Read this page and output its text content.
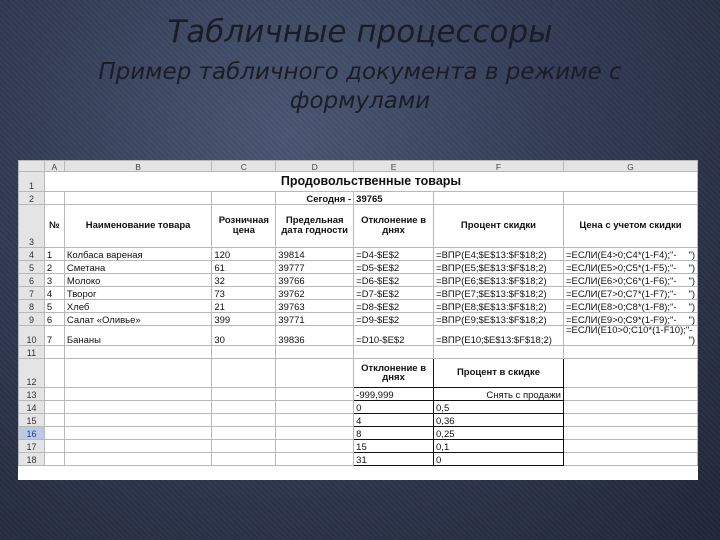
Табличные процессоры
Пример табличного документа в режиме с формулами
	A	B	C	D	E	F	G
1	Продовольственные товары						
2				Сегодня -	39765		
3	№	Наименование товара	Розничная цена	Предельная дата годности	Отклонение в днях	Процент скидки	Цена с учетом скидки
4	1	Колбаса вареная	120	39814	=D4-$E$2	=ВПР(E4;$E$13:$F$18;2)	=ЕСЛИ(E4>0;C4*(1-F4);"- ")

5	2	Сметана	61	39777	=D5-$E$2	=ВПР(E5;$E$13:$F$18;2)	=ЕСЛИ(E5>0;C5*(1-F5);"- ")

6	3	Молоко	32	39766	=D6-$E$2	=ВПР(E6;$E$13:$F$18;2)	=ЕСЛИ(E6>0;C6*(1-F6);"- ")

7	4	Творог	73	39762	=D7-$E$2	=ВПР(E7;$E$13:$F$18;2)	=ЕСЛИ(E7>0;C7*(1-F7);"- ")

8	5	Хлеб	21	39763	=D8-$E$2	=ВПР(E8;$E$13:$F$18;2)	=ЕСЛИ(E8>0;C8*(1-F8);"- ")

9	6	Салат «Оливье»	399	39771	=D9-$E$2	=ВПР(E9;$E$13:$F$18;2)	=ЕСЛИ(E9>0;C9*(1-F9);"- ")

10	7	Бананы	30	39836	=D10-$E$2	=ВПР(E10;$E$13:$F$18;2)	=ЕСЛИ(E10>0;C10*(1-F10);"-
")

11							
12					Отклонение в днях	Процент в скидке	
13					-999,999	Снять с продажи	
14					0	0,5	
15					4	0,36	
16					8	0,25	
17					15	0,1	
18					31	0	
